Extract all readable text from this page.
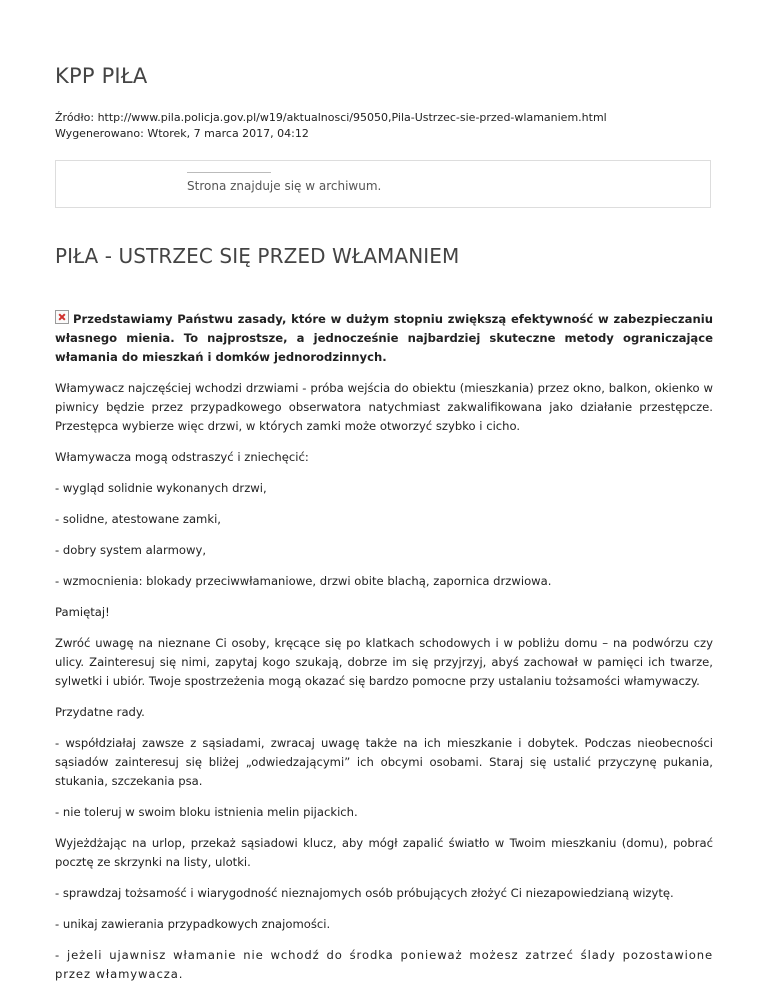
KPP PIŁA
Źródło: http://www.pila.policja.gov.pl/w19/aktualnosci/95050,Pila-Ustrzec-sie-przed-wlamaniem.html
Wygenerowano: Wtorek, 7 marca 2017, 04:12
Strona znajduje się w archiwum.
PIŁA - USTRZEC SIĘ PRZED WŁAMANIEM

Przedstawiamy Państwu zasady, które w dużym stopniu zwiększą efektywność w zabezpieczaniu własnego mienia. To najprostsze, a jednocześnie najbardziej skuteczne metody ograniczające włamania do mieszkań i domków jednorodzinnych.

Włamywacz najczęściej wchodzi drzwiami - próba wejścia do obiektu (mieszkania) przez okno, balkon, okienko w piwnicy będzie przez przypadkowego obserwatora natychmiast zakwalifikowana jako działanie przestępcze. Przestępca wybierze więc drzwi, w których zamki może otworzyć szybko i cicho.

Włamywacza mogą odstraszyć i zniechęcić:

- wygląd solidnie wykonanych drzwi,

- solidne, atestowane zamki,

- dobry system alarmowy,

- wzmocnienia: blokady przeciwwłamaniowe, drzwi obite blachą, zapornica drzwiowa.

Pamiętaj!

Zwróć uwagę na nieznane Ci osoby, kręcące się po klatkach schodowych i w pobliżu domu – na podwórzu czy ulicy. Zainteresuj się nimi, zapytaj kogo szukają, dobrze im się przyjrzyj, abyś zachował w pamięci ich twarze, sylwetki i ubiór. Twoje spostrzeżenia mogą okazać się bardzo pomocne przy ustalaniu tożsamości włamywaczy.

Przydatne rady.

- współdziałaj zawsze z sąsiadami, zwracaj uwagę także na ich mieszkanie i dobytek. Podczas nieobecności sąsiadów zainteresuj się bliżej „odwiedzającymi” ich obcymi osobami. Staraj się ustalić przyczynę pukania, stukania, szczekania psa.

- nie toleruj w swoim bloku istnienia melin pijackich.

Wyjeżdżając na urlop, przekaż sąsiadowi klucz, aby mógł zapalić światło w Twoim mieszkaniu (domu), pobrać pocztę ze skrzynki na listy, ulotki.

- sprawdzaj tożsamość i wiarygodność nieznajomych osób próbujących złożyć Ci niezapowiedzianą wizytę.

- unikaj zawierania przypadkowych znajomości.

- jeżeli ujawnisz włamanie nie wchodź do środka ponieważ możesz zatrzeć ślady pozostawione przez włamywacza.
